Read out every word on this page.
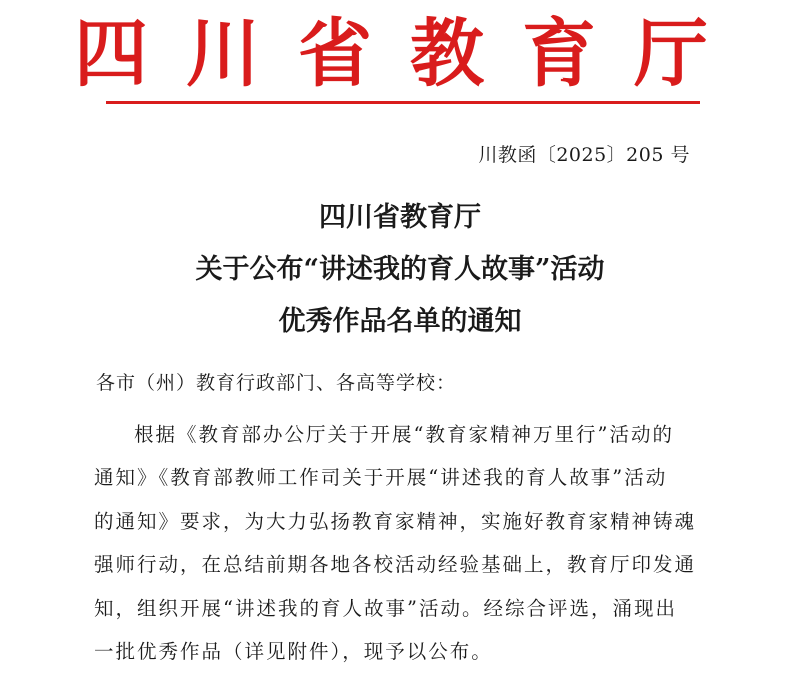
四川省教育厅
川教函〔2025〕205 号
四川省教育厅
关于公布“讲述我的育人故事”活动
优秀作品名单的通知
各市（州）教育行政部门、各高等学校：
根据《教育部办公厅关于开展“教育家精神万里行”活动的
通知》《教育部教师工作司关于开展“讲述我的育人故事”活动
的通知》要求，为大力弘扬教育家精神，实施好教育家精神铸魂
强师行动，在总结前期各地各校活动经验基础上，教育厅印发通
知，组织开展“讲述我的育人故事”活动。经综合评选，涌现出
一批优秀作品（详见附件），现予以公布。
